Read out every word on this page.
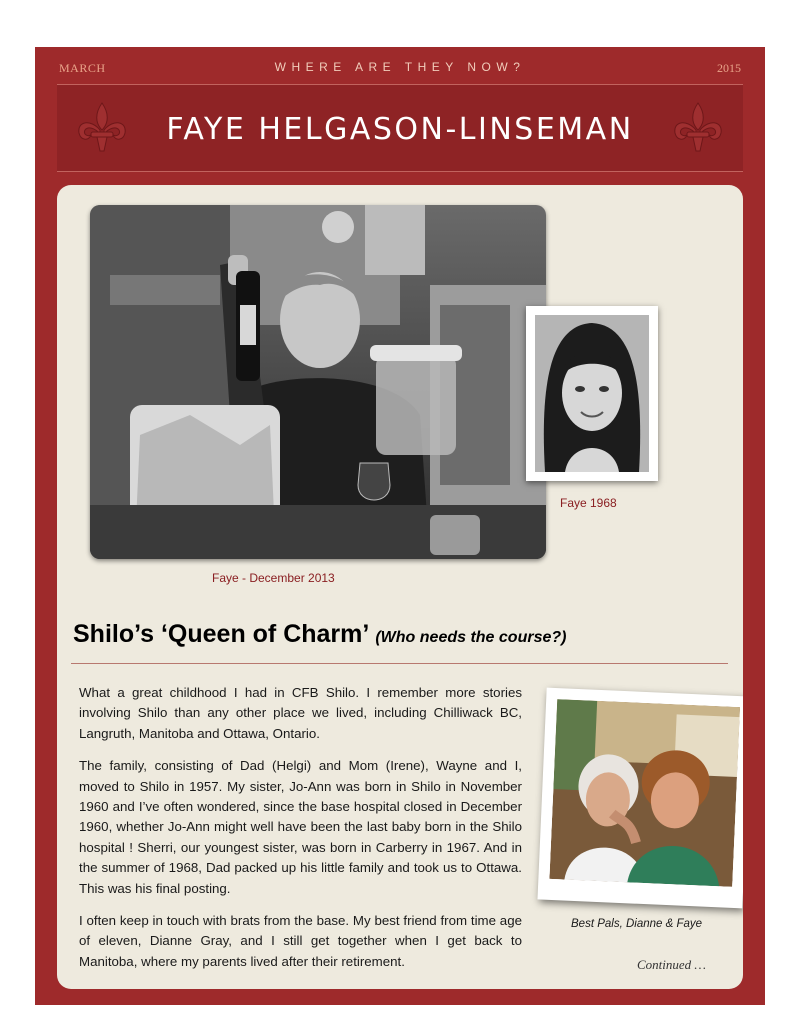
MARCH	WHERE ARE THEY NOW?	2015
FAYE HELGASON-LINSEMAN
Faye - December 2013
Faye 1968
Shilo’s ‘Queen of Charm’ (Who needs the course?)

What a great childhood I had in CFB Shilo. I remember more stories involving Shilo than any other place we lived, including Chilliwack BC, Langruth, Manitoba and Ottawa, Ontario.

The family, consisting of Dad (Helgi) and Mom (Irene), Wayne and I, moved to Shilo in 1957. My sister, Jo-Ann was born in Shilo in November 1960 and I’ve often wondered, since the base hospital closed in December 1960, whether Jo-Ann might well have been the last baby born in the Shilo hospital ! Sherri, our youngest sister, was born in Carberry in 1967. And in the summer of 1968, Dad packed up his little family and took us to Ottawa. This was his final posting.

I often keep in touch with brats from the base. My best friend from time age of eleven, Dianne Gray, and I still get together when I get back to Manitoba, where my parents lived after their retirement.

Best Pals, Dianne & Faye
Continued …
